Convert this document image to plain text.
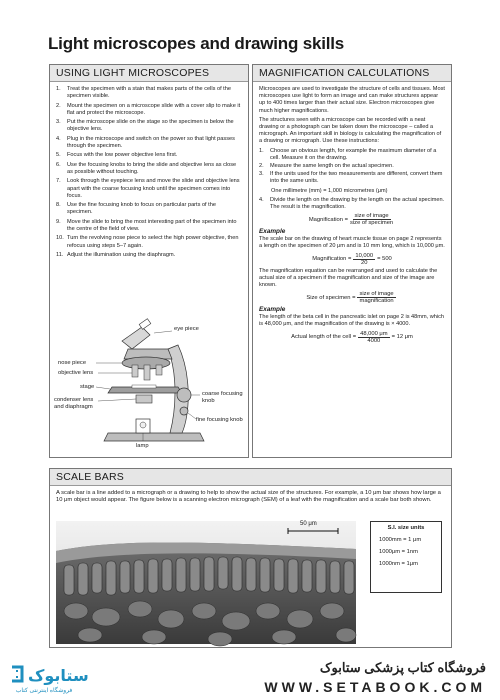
Light microscopes and drawing skills
USING LIGHT MICROSCOPES
1.	Treat the specimen with a stain that makes parts of the cells of the specimen visible.
2.	Mount the specimen on a microscope slide with a cover slip to make it flat and protect the microscope.
3.	Put the microscope slide on the stage so the specimen is below the objective lens.
4.	Plug in the microscope and switch on the power so that light passes through the specimen.
5.	Focus with the low power objective lens first.
6.	Use the focusing knobs to bring the slide and objective lens as close as possible without touching.
7.	Look through the eyepiece lens and move the slide and objective lens apart with the coarse focusing knob until the specimen comes into focus.
8.	Use the fine focusing knob to focus on particular parts of the specimen.
9.	Move the slide to bring the most interesting part of the specimen into the centre of the field of view.
10. Turn the revolving nose piece to select the high power objective, then refocus using steps 5–7 again.
11. Adjust the illumination using the diaphragm.
eye piece
nose piece
objective lens
stage
coarse focusing knob
condenser lens and diaphragm
fine focusing knob
lamp
MAGNIFICATION CALCULATIONS
Microscopes are used to investigate the structure of cells and tissues. Most microscopes use light to form an image and can make structures appear up to 400 times larger than their actual size. Electron microscopes give much higher magnifications.
The structures seen with a microscope can be recorded with a neat drawing or a photograph can be taken down the microscope – called a micrograph. An important skill in biology is calculating the magnification of a drawing or micrograph. Use these instructions:
1.	Choose an obvious length, for example the maximum diameter of a cell. Measure it on the drawing.
2.	Measure the same length on the actual specimen.
3.	If the units used for the two measurements are different, convert them into the same units.
One millimetre (mm) = 1,000 micrometres (μm)
4.	Divide the length on the drawing by the length on the actual specimen. The result is the magnification.
Magnification = $\frac{\text{size of image}}{\text{size of specimen}}$
Example
The scale bar on the drawing of heart muscle tissue on page 2 represents a length on the specimen of 20 μm and is 10 mm long, which is 10,000 μm.
Magnification = $\frac{10,000}{20} = 500$
The magnification equation can be rearranged and used to calculate the actual size of a specimen if the magnification and size of the image are known.
Size of specimen = $\frac{\text{size of image}}{\text{magnification}}$
Example
The length of the beta cell in the pancreatic islet on page 2 is 48mm, which is 48,000 μm, and the magnification of the drawing is × 4000.
Actual length of the cell = $\frac{48,000 \mu m}{4000} = 12$ μm
SCALE BARS
A scale bar is a line added to a micrograph or a drawing to help to show the actual size of the structures. For example, a 10 μm bar shows how large a 10 μm object would appear. The figure below is a scanning electron micrograph (SEM) of a leaf with the magnification and a scale bar both shown.
50 μm
S.I. size units
1000mm = 1 μm
1000μm = 1nm
1000nm = 1μm
ستابوک
فروشگاه اینترنتی کتاب
فروشگاه کتاب پزشکی ستابوک
WWW.SETABOOK.COM
